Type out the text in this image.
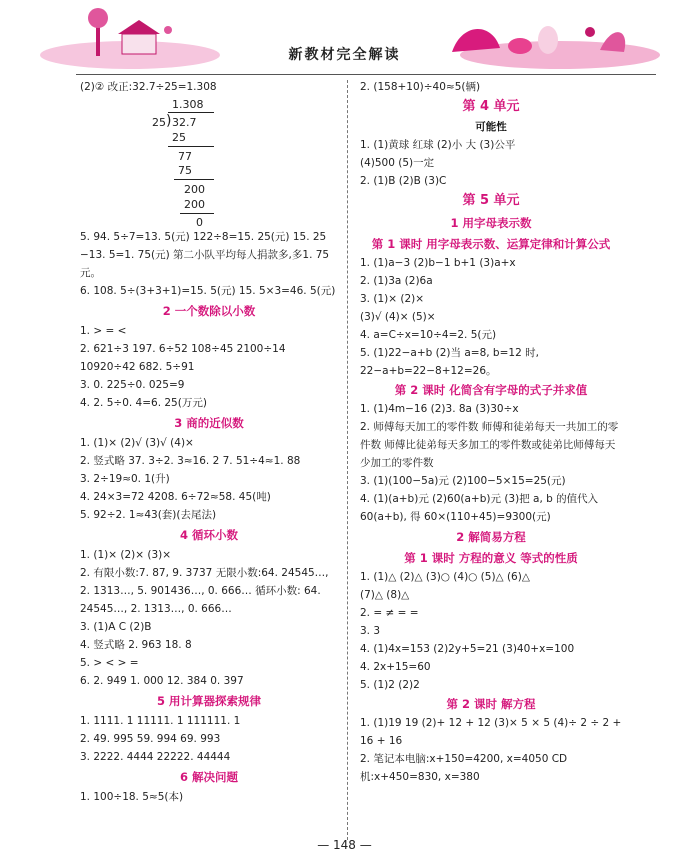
新教材完全解读
(2)② 改正:32.7÷25=1.308
1.308
25 ) 32.7
25
77
75
200
200
0
5. 94. 5÷7=13. 5(元) 122÷8=15. 25(元) 15. 25 −13. 5=1. 75(元) 第二小队平均每人捐款多,多1. 75元。
6. 108. 5÷(3+3+1)=15. 5(元) 15. 5×3=46. 5(元)
2 一个数除以小数
1. > = <
2. 621÷3 197. 6÷52 108÷45 2100÷14 10920÷42 682. 5÷91
3. 0. 225÷0. 025=9
4. 2. 5÷0. 4=6. 25(万元)
3 商的近似数
1. (1)× (2)√ (3)√ (4)×
2. 竖式略 37. 3÷2. 3≈16. 2 7. 51÷4≈1. 88
3. 2÷19≈0. 1(升)
4. 24×3=72 4208. 6÷72≈58. 45(吨)
5. 92÷2. 1≈43(套)(去尾法)
4 循环小数
1. (1)× (2)× (3)×
2. 有限小数:7. 87, 9. 3737 无限小数:64. 24545…, 2. 1313…, 5. 901436…, 0. 666… 循环小数: 64. 24545…, 2. 1313…, 0. 666…
3. (1)A C (2)B
4. 竖式略 2. 963 18. 8̇
5. > < > =
6. 2. 949 1. 000 12. 384 0. 397
5 用计算器探索规律
1. 1111. 1 11111. 1 111111. 1
2. 49. 995 59. 994 69. 993
3. 2222. 4444 22222. 44444
6 解决问题
1. 100÷18. 5≈5(本)
2. (158+10)÷40≈5(辆)
第 4 单元
可能性
1. (1)黄球 红球 (2)小 大 (3)公平
(4)500 (5)一定
2. (1)B (2)B (3)C
第 5 单元
1 用字母表示数
第 1 课时 用字母表示数、运算定律和计算公式
1. (1)a−3 (2)b−1 b+1 (3)a+x
2. (1)3a (2)6a
3. (1)× (2)×
(3)√ (4)× (5)×
4. a=C÷x=10÷4=2. 5(元)
5. (1)22−a+b (2)当 a=8, b=12 时, 22−a+b=22−8+12=26。
第 2 课时 化简含有字母的式子并求值
1. (1)4m−16 (2)3. 8a (3)30÷x
2. 师傅每天加工的零件数 师傅和徒弟每天一共加工的零件数 师傅比徒弟每天多加工的零件数或徒弟比师傅每天少加工的零件数
3. (1)(100−5a)元 (2)100−5×15=25(元)
4. (1)(a+b)元 (2)60(a+b)元 (3)把 a, b 的值代入 60(a+b), 得 60×(110+45)=9300(元)
2 解简易方程
第 1 课时 方程的意义 等式的性质
1. (1)△ (2)△ (3)○ (4)○ (5)△ (6)△
(7)△ (8)△
2. = ≠ = =
3. 3
4. (1)4x=153 (2)2y+5=21 (3)40+x=100
4. 2x+15=60
5. (1)2 (2)2
第 2 课时 解方程
1. (1)19 19 (2)+ 12 + 12 (3)× 5 × 5 (4)÷ 2 ÷ 2 + 16 + 16
2. 笔记本电脑:x+150=4200, x=4050 CD机:x+450=830, x=380
— 148 —
